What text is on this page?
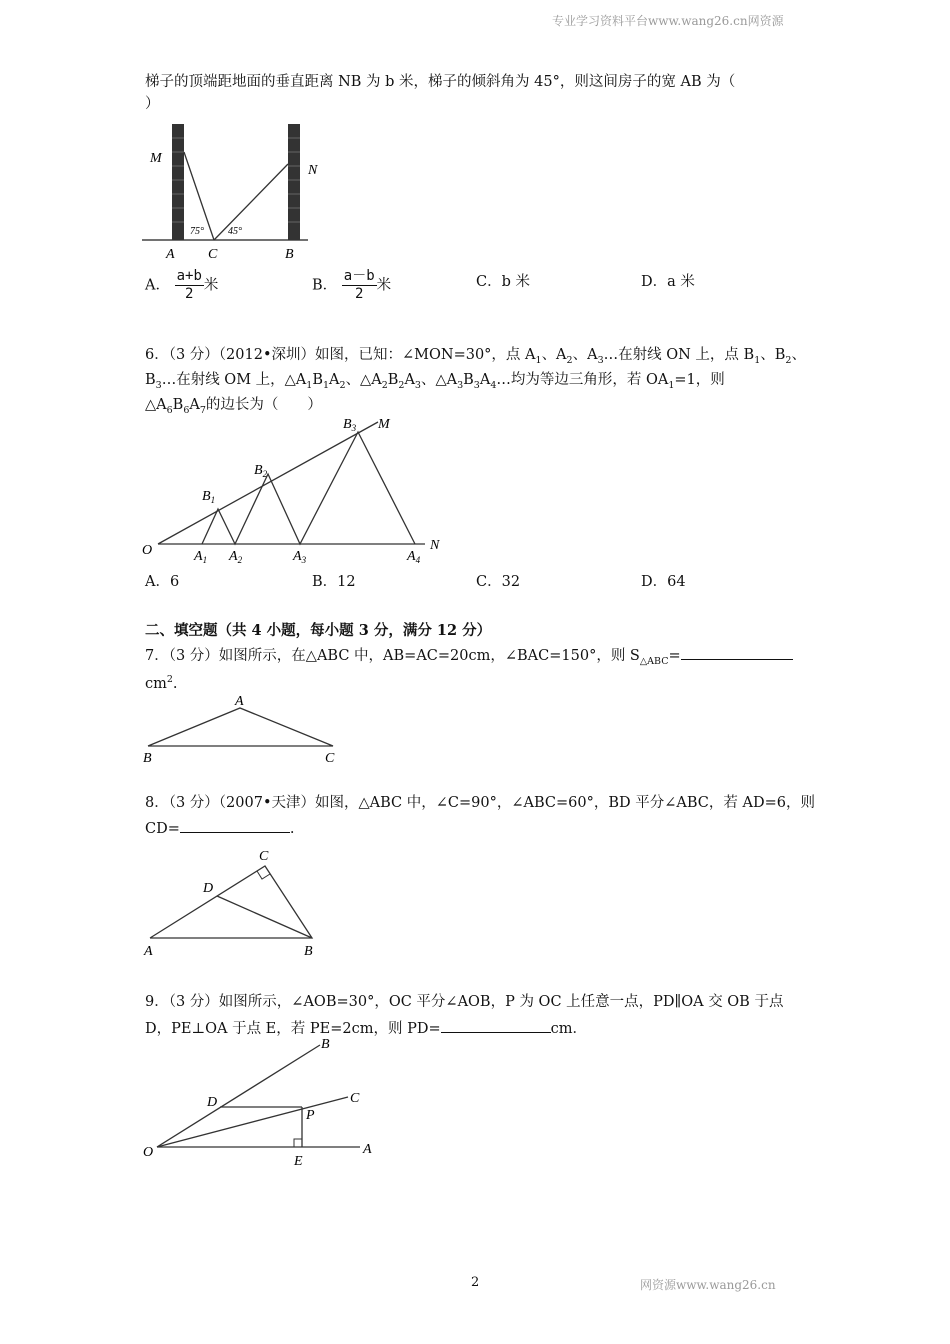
专业学习资料平台www.wang26.cn网资源
梯子的顶端距地面的垂直距离 NB 为 b 米，梯子的倾斜角为 45°，则这间房子的宽 AB 为（
）
M
N
A C	B
75° 45°
A． $\frac{a+b}{2}$ 米	B． $\frac{a-b}{2}$ 米	C．b 米	D．a 米
6．（3 分）（2012•深圳）如图，已知：∠MON=30°，点 $A_1$、$A_2$、$A_3\dots$在射线 ON 上，点 $B_1$、$B_2$、
$B_3\dots$在射线 OM 上，$\triangle A_1B_1A_2$、$\triangle A_2B_2A_3$、$\triangle A_3B_3A_4\dots$均为等边三角形，若 $OA_1=1$，则
$\triangle A_6B_6A_7$的边长为（　　）
O	N
M
$A_1$ $A_2$	$A_3$	$A_4$
$B_1$
$B_2$
$B_3$
A．6	B．12	C．32	D．64
二、填空题（共 4 小题，每小题 3 分，满分 12 分）
7．（3 分）如图所示，在△ABC 中，AB=AC=20cm，∠BAC=150°，则 $S_{\triangle ABC}=$
$cm^2$.
A
B	C
8．（3 分）（2007•天津）如图，△ABC 中，∠C=90°，∠ABC=60°，BD 平分∠ABC，若 AD=6，则
CD=	.
A	B
C
D
9．（3 分）如图所示，∠AOB=30°，OC 平分∠AOB，P 为 OC 上任意一点，PD∥OA 交 OB 于点
D，PE⊥OA 于点 E，若 PE=2cm，则 PD=	cm．
O	A
B
C
D
E
P
2	网资源www.wang26.cn
